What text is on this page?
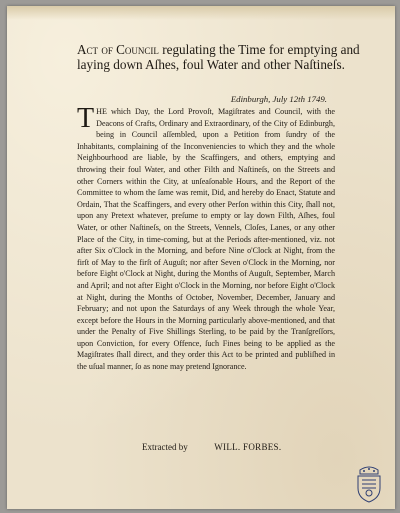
Act of Council regulating the Time for emptying and laying down Aſhes, foul Water and other Naſtineſs.

Edinburgh, July 12th 1749.

THE which Day, the Lord Provoſt, Magiſtrates and Council, with the Deacons of Crafts, Ordinary and Extraordinary, of the City of Edinburgh, being in Council aſſembled, upon a Petition from ſundry of the Inhabitants, complaining of the Inconveniencies to which they and the whole Neighbourhood are liable, by the Scaffingers, and others, emptying and throwing their foul Water, and other Filth and Naſtineſs, on the Streets and other Corners within the City, at unſeaſonable Hours, and the Report of the Committee to whom the ſame was remit, Did, and hereby do Enact, Statute and Ordain, That the Scaffingers, and every other Perſon within this City, ſhall not, upon any Pretext whatever, preſume to empty or lay down Filth, Aſhes, foul Water, or other Naſtineſs, on the Streets, Vennels, Cloſes, Lanes, or any other Place of the City, in time-coming, but at the Periods after-mentioned, viz. not after Six o'Clock in the Morning, and before Nine o'Clock at Night, from the firſt of May to the firſt of Auguſt; nor after Seven o'Clock in the Morning, nor before Eight o'Clock at Night, during the Months of Auguſt, September, March and April; and not after Eight o'Clock in the Morning, nor before Eight o'Clock at Night, during the Months of October, November, December, January and February; and not upon the Saturdays of any Week through the whole Year, except before the Hours in the Morning particularly above-mentioned, and that under the Penalty of Five Shillings Sterling, to be paid by the Tranſgreſſors, upon Conviction, for every Offence, ſuch Fines being to be applied as the Magiſtrates ſhall direct, and they order this Act to be printed and publiſhed in the uſual manner, ſo as none may pretend Ignorance.

Extracted by	WILL. FORBES.
